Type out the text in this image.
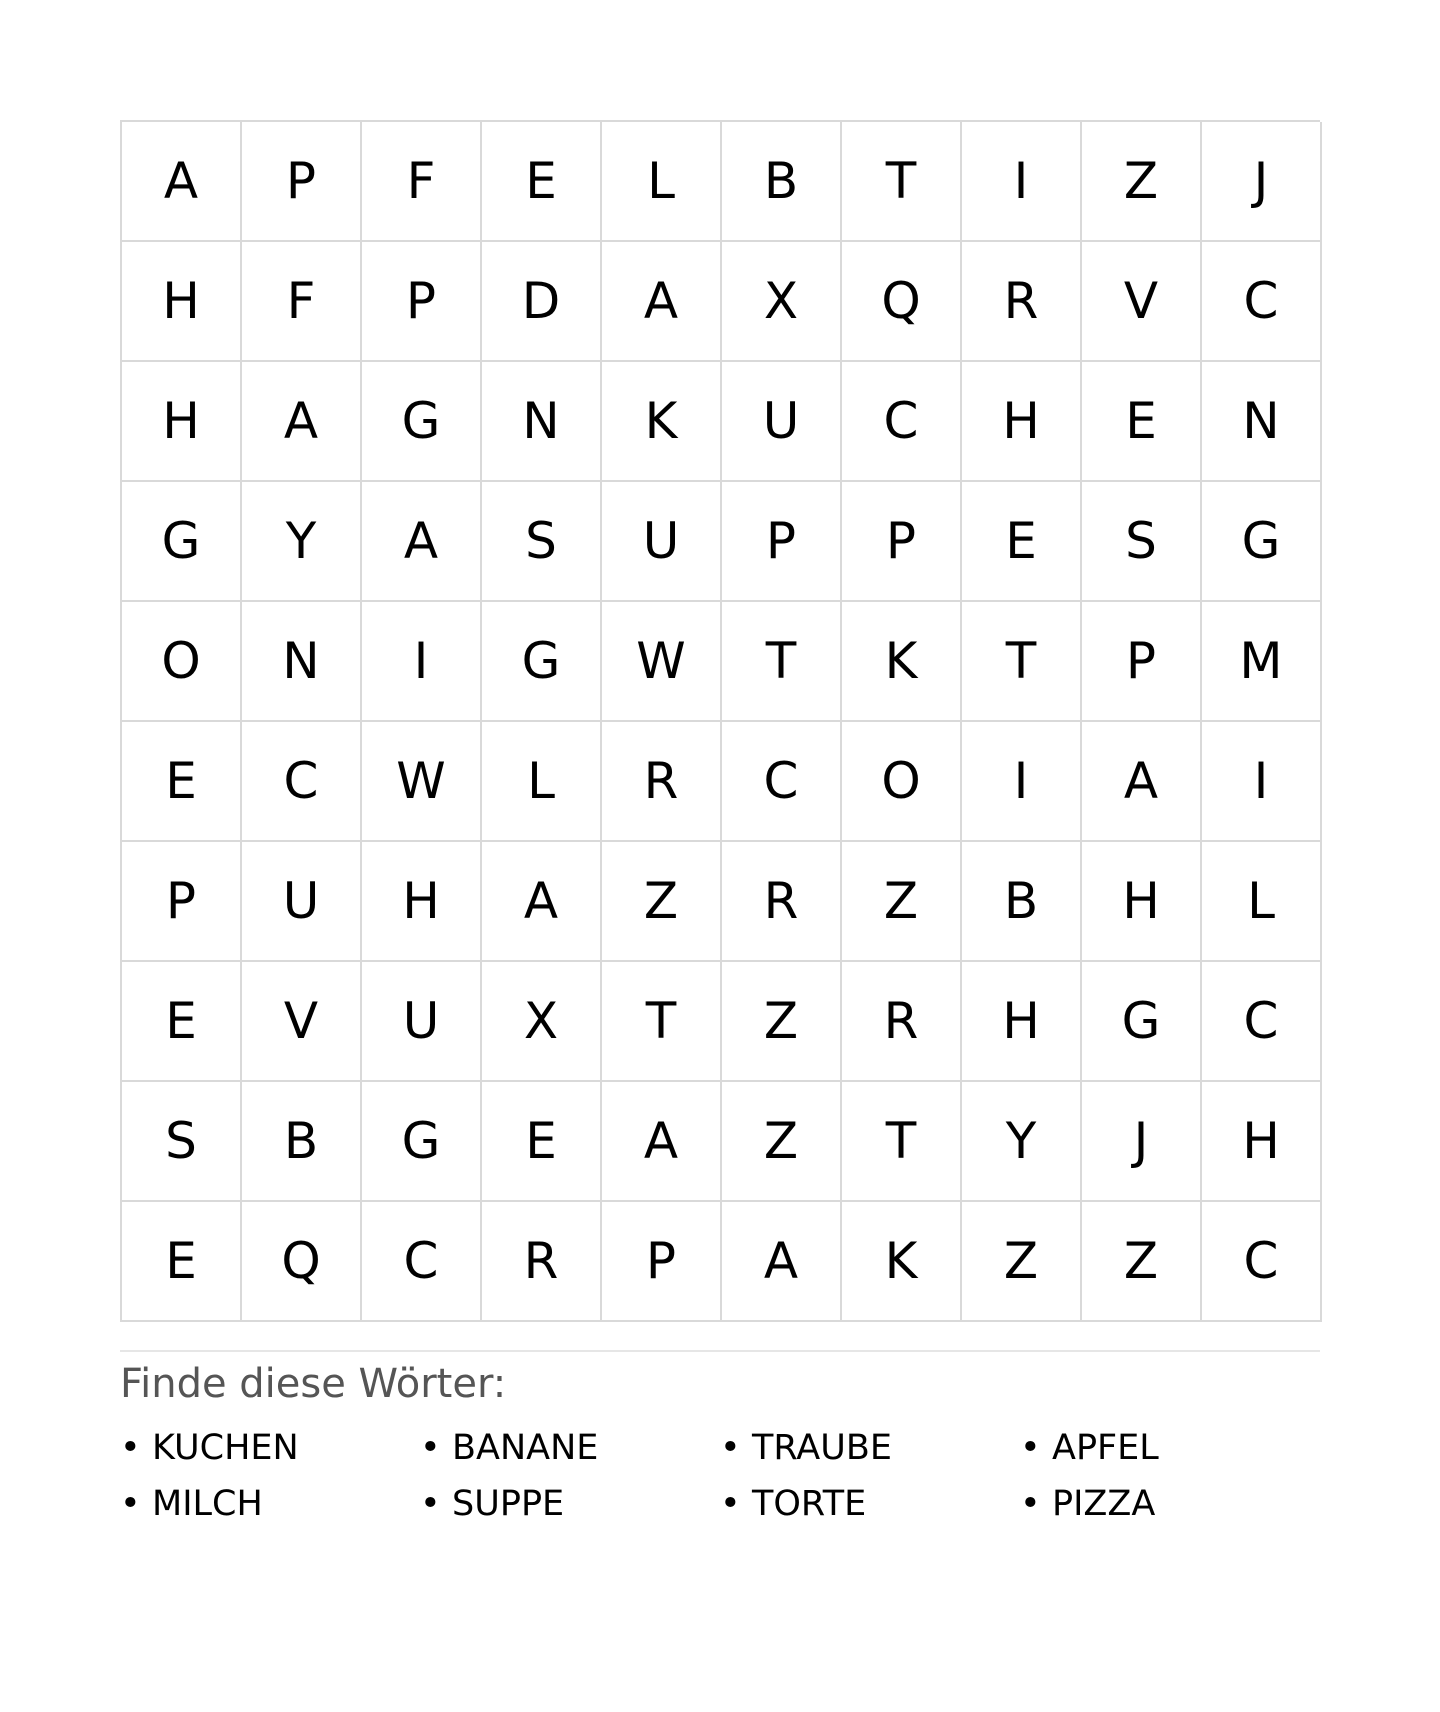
A	P	F	E	L	B	T	I	Z	J
H	F	P	D	A	X	Q	R	V	C
H	A	G	N	K	U	C	H	E	N
G	Y	A	S	U	P	P	E	S	G
O	N	I	G	W	T	K	T	P	M
E	C	W	L	R	C	O	I	A	I
P	U	H	A	Z	R	Z	B	H	L
E	V	U	X	T	Z	R	H	G	C
S	B	G	E	A	Z	T	Y	J	H
E	Q	C	R	P	A	K	Z	Z	C
Finde diese Wörter:
• KUCHEN	• BANANE	• TRAUBE	• APFEL
• MILCH	• SUPPE	• TORTE	• PIZZA
